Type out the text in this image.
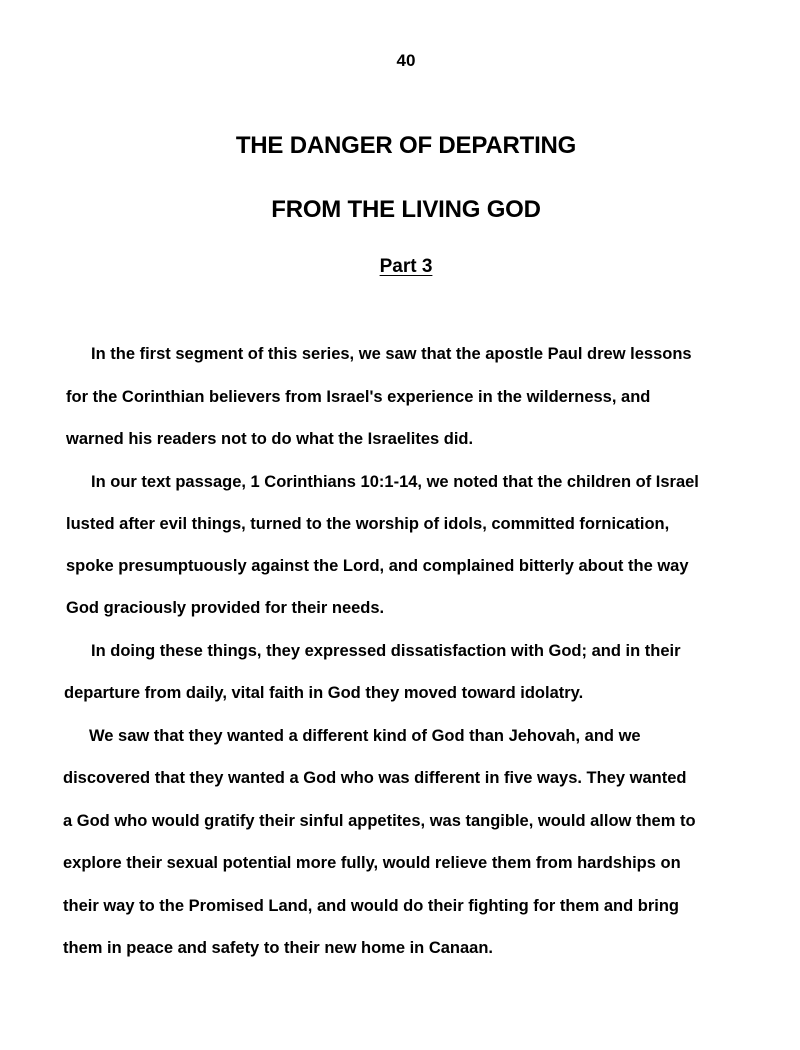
40
THE DANGER OF DEPARTING
FROM THE LIVING GOD
Part 3
In the first segment of this series, we saw that the apostle Paul drew lessons
for the Corinthian believers from Israel's experience in the wilderness, and
warned his readers not to do what the Israelites did.
In our text passage, 1 Corinthians 10:1-14, we noted that the children of Israel
lusted after evil things, turned to the worship of idols, committed fornication,
spoke presumptuously against the Lord, and complained bitterly about the way
God graciously provided for their needs.
In doing these things, they expressed dissatisfaction with God; and in their
departure from daily, vital faith in God they moved toward idolatry.
We saw that they wanted a different kind of God than Jehovah, and we
discovered that they wanted a God who was different in five ways. They wanted
a God who would gratify their sinful appetites, was tangible, would allow them to
explore their sexual potential more fully, would relieve them from hardships on
their way to the Promised Land, and would do their fighting for them and bring
them in peace and safety to their new home in Canaan.
